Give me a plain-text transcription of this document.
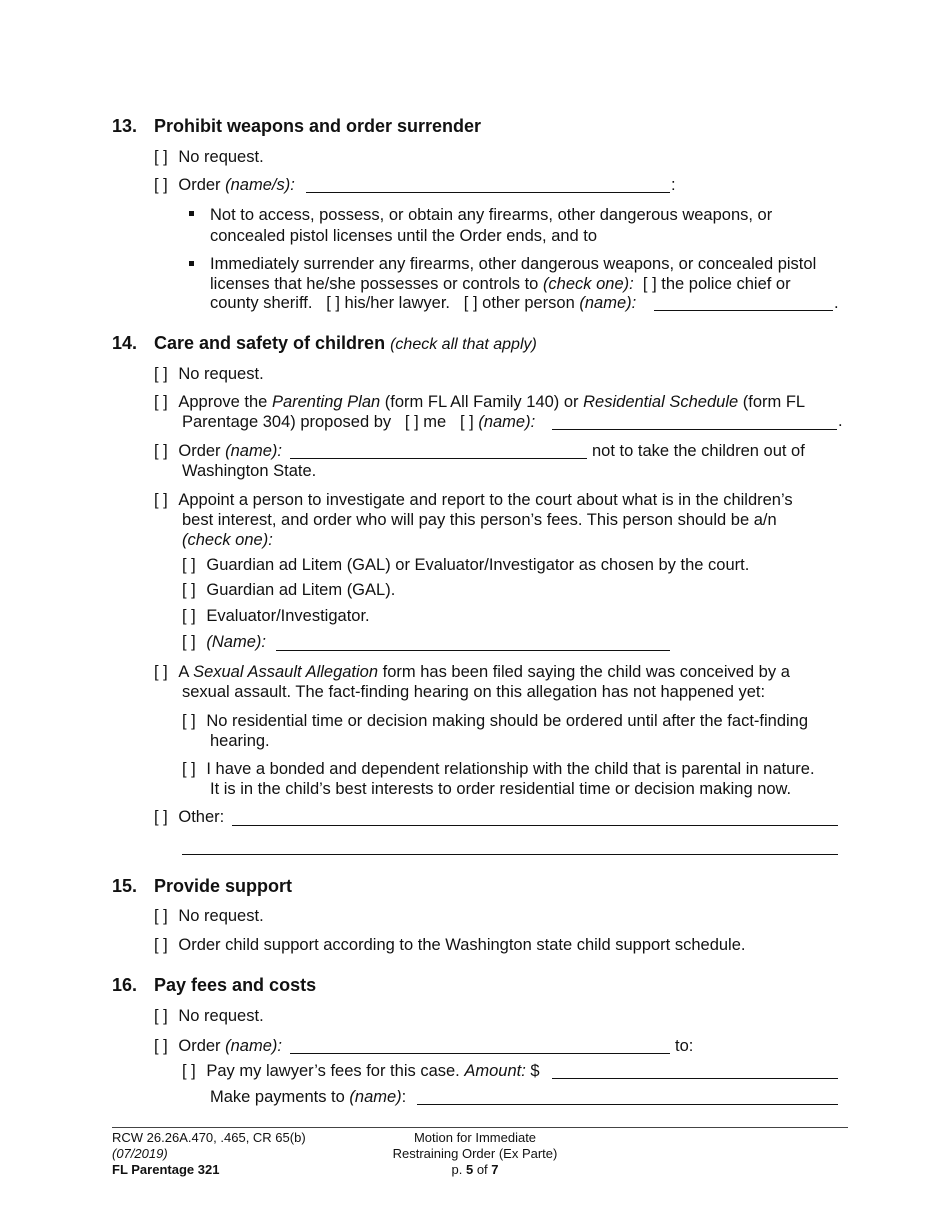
13. Prohibit weapons and order surrender
[ ] No request.
[ ] Order (name/s):	:
Not to access, possess, or obtain any firearms, other dangerous weapons, or
concealed pistol licenses until the Order ends, and to
Immediately surrender any firearms, other dangerous weapons, or concealed pistol
licenses that he/she possesses or controls to (check one): [ ] the police chief or
county sheriff. [ ] his/her lawyer. [ ] other person (name):	.
14. Care and safety of children (check all that apply)
[ ] No request.
[ ] Approve the Parenting Plan (form FL All Family 140) or Residential Schedule (form FL
Parentage 304) proposed by [ ] me [ ] (name):	.
[ ] Order (name):
Washington State.
not to take the children out of
[ ] Appoint a person to investigate and report to the court about what is in the children’s
best interest, and order who will pay this person’s fees. This person should be a/n
(check one):
[ ] Guardian ad Litem (GAL) or Evaluator/Investigator as chosen by the court.
[ ] Guardian ad Litem (GAL).
[ ] Evaluator/Investigator.
[ ] (Name):
[ ] A Sexual Assault Allegation form has been filed saying the child was conceived by a
sexual assault. The fact-finding hearing on this allegation has not happened yet:
[ ] No residential time or decision making should be ordered until after the fact-finding
hearing.
[ ] I have a bonded and dependent relationship with the child that is parental in nature.
It is in the child’s best interests to order residential time or decision making now.
[ ] Other:
15. Provide support
[ ] No request.
[ ] Order child support according to the Washington state child support schedule.
16. Pay fees and costs
[ ] No request.
[ ] Order (name):	to:
[ ] Pay my lawyer’s fees for this case. Amount: $
Make payments to (name):
RCW 26.26A.470, .465, CR 65(b)
(07/2019)
FL Parentage 321
Motion for Immediate
Restraining Order (Ex Parte)
p. 5 of 7
